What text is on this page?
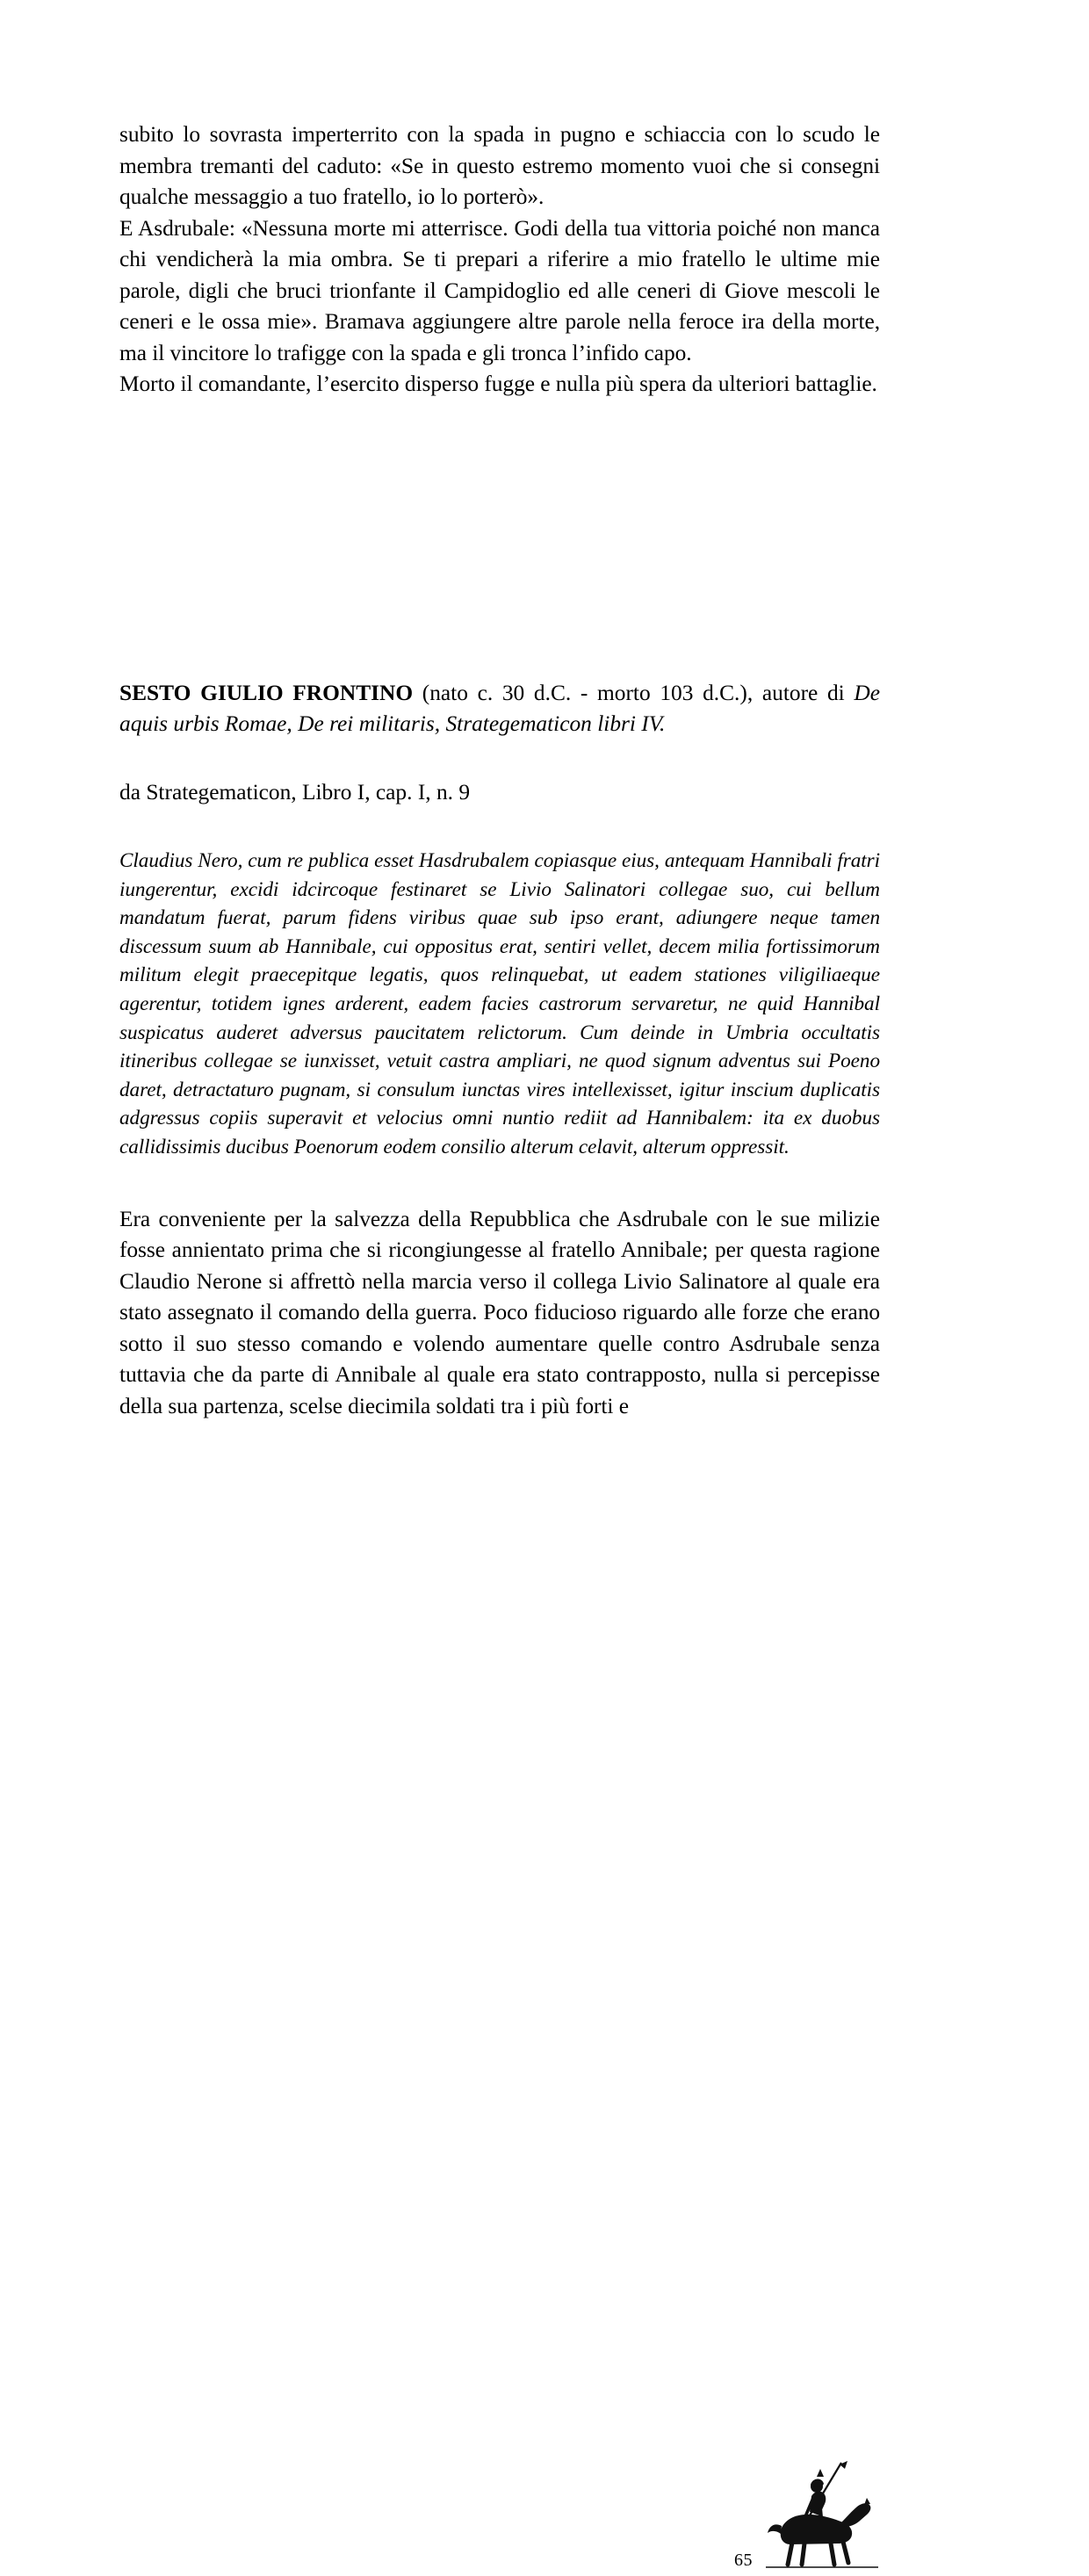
subito lo sovrasta imperterrito con la spada in pugno e schiaccia con lo scudo le membra tremanti del caduto: «Se in questo estremo momento vuoi che si consegni qualche messaggio a tuo fratello, io lo porterò».

E Asdrubale: «Nessuna morte mi atterrisce. Godi della tua vittoria poiché non manca chi vendicherà la mia ombra. Se ti prepari a riferire a mio fratello le ultime mie parole, digli che bruci trionfante il Campidoglio ed alle ceneri di Giove mescoli le ceneri e le ossa mie». Bramava aggiungere altre parole nella feroce ira della morte, ma il vincitore lo trafigge con la spada e gli tronca l’infido capo.

Morto il comandante, l’esercito disperso fugge e nulla più spera da ulteriori battaglie.

SESTO GIULIO FRONTINO (nato c. 30 d.C. - morto 103 d.C.), autore di De aquis urbis Romae, De rei militaris, Strategematicon libri IV.

da Strategematicon, Libro I, cap. I, n. 9

Claudius Nero, cum re publica esset Hasdrubalem copiasque eius, antequam Hannibali fratri iungerentur, excidi idcircoque festinaret se Livio Salinatori collegae suo, cui bellum mandatum fuerat, parum fidens viribus quae sub ipso erant, adiungere neque tamen discessum suum ab Hannibale, cui oppositus erat, sentiri vellet, decem milia fortissimorum militum elegit praecepitque legatis, quos relinquebat, ut eadem stationes viligiliaeque agerentur, totidem ignes arderent, eadem facies castrorum servaretur, ne quid Hannibal suspicatus auderet adversus paucitatem relictorum. Cum deinde in Umbria occultatis itineribus collegae se iunxisset, vetuit castra ampliari, ne quod signum adventus sui Poeno daret, detractaturo pugnam, si consulum iunctas vires intellexisset, igitur inscium duplicatis adgressus copiis superavit et velocius omni nuntio rediit ad Hannibalem: ita ex duobus callidissimis ducibus Poenorum eodem consilio alterum celavit, alterum oppressit.

Era conveniente per la salvezza della Repubblica che Asdrubale con le sue milizie fosse annientato prima che si ricongiungesse al fratello Annibale; per questa ragione Claudio Nerone si affrettò nella marcia verso il collega Livio Salinatore al quale era stato assegnato il comando della guerra. Poco fiducioso riguardo alle forze che erano sotto il suo stesso comando e volendo aumentare quelle contro Asdrubale senza tuttavia che da parte di Annibale al quale era stato contrapposto, nulla si percepisse della sua partenza, scelse diecimila soldati tra i più forti e

65
